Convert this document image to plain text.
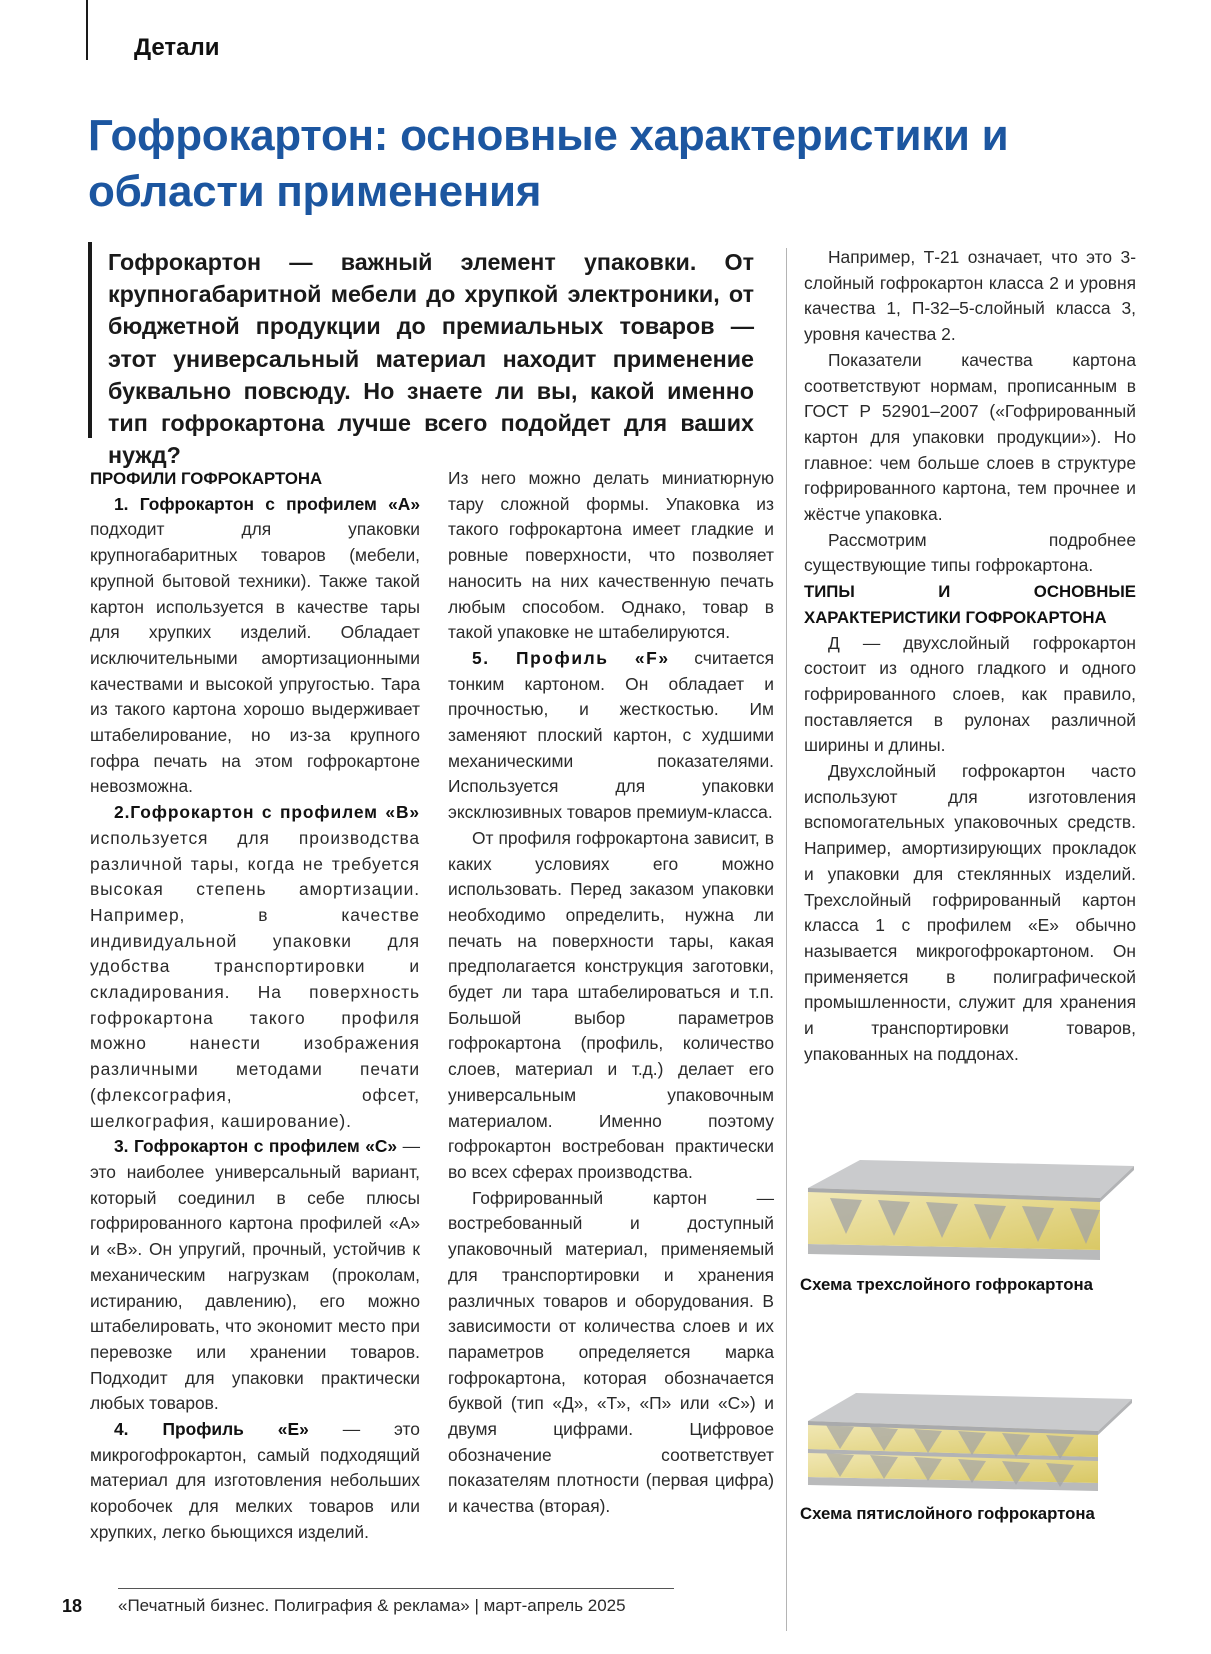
Детали
Гофрокартон: основные характеристики и области применения

Гофрокартон — важный элемент упаковки. От крупногабаритной мебели до хрупкой электроники, от бюджетной продукции до премиальных товаров — этот универсальный материал находит применение буквально повсюду. Но знаете ли вы, какой именно тип гофрокартона лучше всего подойдет для ваших нужд?

ПРОФИЛИ ГОФРОКАРТОНА

1. Гофрокартон с профилем «А» подходит для упаковки крупногабаритных товаров (мебели, крупной бытовой техники). Также такой картон используется в качестве тары для хрупких изделий. Обладает исключительными амортизационными качествами и высокой упругостью. Тара из такого картона хорошо выдерживает штабелирование, но из-за крупного гофра печать на этом гофрокартоне невозможна.

2.Гофрокартон с профилем «В» используется для производства различной тары, когда не требуется высокая степень амортизации. Например, в качестве индивидуальной упаковки для удобства транспортировки и складирования. На поверхность гофрокартона такого профиля можно нанести изображения различными методами печати (флексография, офсет, шелкография, каширование).

3. Гофрокартон с профилем «С» — это наиболее универсальный вариант, который соединил в себе плюсы гофрированного картона профилей «А» и «В». Он упругий, прочный, устойчив к механическим нагрузкам (проколам, истиранию, давлению), его можно штабелировать, что экономит место при перевозке или хранении товаров. Подходит для упаковки практически любых товаров.

4. Профиль «Е» — это микрогофрокартон, самый подходящий материал для изготовления небольших коробочек для мелких товаров или хрупких, легко бьющихся изделий.

Из него можно делать миниатюрную тару сложной формы. Упаковка из такого гофрокартона имеет гладкие и ровные поверхности, что позволяет наносить на них качественную печать любым способом. Однако, товар в такой упаковке не штабелируются.

5. Профиль «F» считается тонким картоном. Он обладает и прочностью, и жесткостью. Им заменяют плоский картон, с худшими механическими показателями. Используется для упаковки эксклюзивных товаров премиум-класса.

От профиля гофрокартона зависит, в каких условиях его можно использовать. Перед заказом упаковки необходимо определить, нужна ли печать на поверхности тары, какая предполагается конструкция заготовки, будет ли тара штабелироваться и т.п. Большой выбор параметров гофрокартона (профиль, количество слоев, материал и т.д.) делает его универсальным упаковочным материалом. Именно поэтому гофрокартон востребован практически во всех сферах производства.

Гофрированный картон — востребованный и доступный упаковочный материал, применяемый для транспортировки и хранения различных товаров и оборудования. В зависимости от количества слоев и их параметров определяется марка гофрокартона, которая обозначается буквой (тип «Д», «Т», «П» или «С») и двумя цифрами. Цифровое обозначение соответствует показателям плотности (первая цифра) и качества (вторая).

Например, Т-21 означает, что это 3-слойный гофрокартон класса 2 и уровня качества 1, П-32–5-слойный класса 3, уровня качества 2.

Показатели качества картона соответствуют нормам, прописанным в ГОСТ Р 52901–2007 («Гофрированный картон для упаковки продукции»). Но главное: чем больше слоев в структуре гофрированного картона, тем прочнее и жёстче упаковка.

Рассмотрим подробнее существующие типы гофрокартона.

ТИПЫ И ОСНОВНЫЕ ХАРАКТЕРИСТИКИ ГОФРОКАРТОНА

Д — двухслойный гофрокартон состоит из одного гладкого и одного гофрированного слоев, как правило, поставляется в рулонах различной ширины и длины.

Двухслойный гофрокартон часто используют для изготовления вспомогательных упаковочных средств. Например, амортизирующих прокладок и упаковки для стеклянных изделий. Трехслойный гофрированный картон класса 1 с профилем «Е» обычно называется микрогофрокартоном. Он применяется в полиграфической промышленности, служит для хранения и транспортировки товаров, упакованных на поддонах.

Схема трехслойного гофрокартона
Схема пятислойного гофрокартона
18 «Печатный бизнес. Полиграфия & реклама» | март-апрель 2025
